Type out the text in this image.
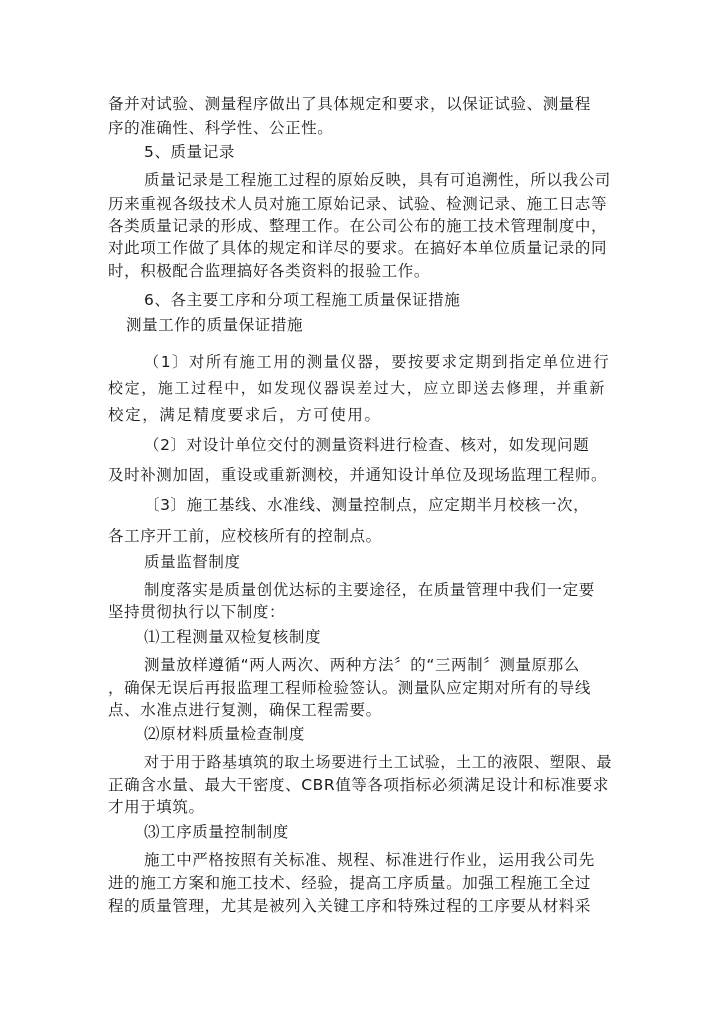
备并对试验、测量程序做出了具体规定和要求，以保证试验、测量程

序的准确性、科学性、公正性。

5、质量记录

质量记录是工程施工过程的原始反映，具有可追溯性，所以我公司

历来重视各级技术人员对施工原始记录、试验、检测记录、施工日志等

各类质量记录的形成、整理工作。在公司公布的施工技术管理制度中，

对此项工作做了具体的规定和详尽的要求。在搞好本单位质量记录的同

时，积极配合监理搞好各类资料的报验工作。

6、各主要工序和分项工程施工质量保证措施

测量工作的质量保证措施

（1〕对所有施工用的测量仪器，要按要求定期到指定单位进行

校定，施工过程中，如发现仪器误差过大，应立即送去修理，并重新

校定，满足精度要求后，方可使用。

（2〕对设计单位交付的测量资料进行检查、核对，如发现问题

及时补测加固，重设或重新测校，并通知设计单位及现场监理工程师。

〔3〕施工基线、水准线、测量控制点，应定期半月校核一次，

各工序开工前，应校核所有的控制点。

质量监督制度

制度落实是质量创优达标的主要途径，在质量管理中我们一定要

坚持贯彻执行以下制度：

⑴工程测量双检复核制度

测量放样遵循“两人两次、两种方法〞的“三两制〞测量原那么

，确保无误后再报监理工程师检验签认。测量队应定期对所有的导线

点、水准点进行复测，确保工程需要。

⑵原材料质量检查制度

对于用于路基填筑的取土场要进行土工试验，土工的液限、塑限、最

正确含水量、最大干密度、CBR值等各项指标必须满足设计和标准要求

才用于填筑。

⑶工序质量控制制度

施工中严格按照有关标准、规程、标准进行作业，运用我公司先

进的施工方案和施工技术、经验，提高工序质量。加强工程施工全过

程的质量管理，尤其是被列入关键工序和特殊过程的工序要从材料采
